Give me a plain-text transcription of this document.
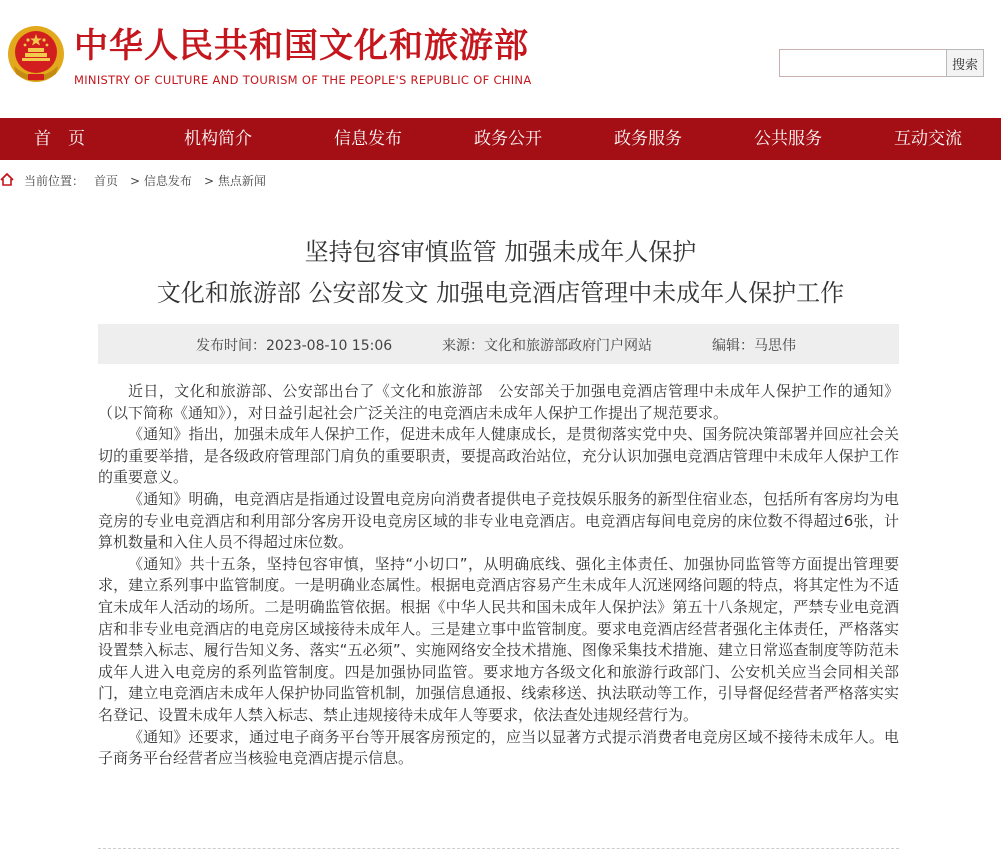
中华人民共和国文化和旅游部
MINISTRY OF CULTURE AND TOURISM OF THE PEOPLE'S REPUBLIC OF CHINA
搜索
首　页	机构简介	信息发布	政务公开	政务服务	公共服务	互动交流
当前位置： 首页 > 信息发布 > 焦点新闻
坚持包容审慎监管 加强未成年人保护
文化和旅游部 公安部发文 加强电竞酒店管理中未成年人保护工作
发布时间：2023-08-10 15:06	来源：文化和旅游部政府门户网站	编辑：马思伟

近日，文化和旅游部、公安部出台了《文化和旅游部　公安部关于加强电竞酒店管理中未成年人保护工作的通知》（以下简称《通知》），对日益引起社会广泛关注的电竞酒店未成年人保护工作提出了规范要求。

《通知》指出，加强未成年人保护工作，促进未成年人健康成长，是贯彻落实党中央、国务院决策部署并回应社会关切的重要举措，是各级政府管理部门肩负的重要职责，要提高政治站位，充分认识加强电竞酒店管理中未成年人保护工作的重要意义。

《通知》明确，电竞酒店是指通过设置电竞房向消费者提供电子竞技娱乐服务的新型住宿业态，包括所有客房均为电竞房的专业电竞酒店和利用部分客房开设电竞房区域的非专业电竞酒店。电竞酒店每间电竞房的床位数不得超过6张，计算机数量和入住人员不得超过床位数。

《通知》共十五条，坚持包容审慎，坚持“小切口”，从明确底线、强化主体责任、加强协同监管等方面提出管理要求，建立系列事中监管制度。一是明确业态属性。根据电竞酒店容易产生未成年人沉迷网络问题的特点，将其定性为不适宜未成年人活动的场所。二是明确监管依据。根据《中华人民共和国未成年人保护法》第五十八条规定，严禁专业电竞酒店和非专业电竞酒店的电竞房区域接待未成年人。三是建立事中监管制度。要求电竞酒店经营者强化主体责任，严格落实设置禁入标志、履行告知义务、落实“五必须”、实施网络安全技术措施、图像采集技术措施、建立日常巡查制度等防范未成年人进入电竞房的系列监管制度。四是加强协同监管。要求地方各级文化和旅游行政部门、公安机关应当会同相关部门，建立电竞酒店未成年人保护协同监管机制，加强信息通报、线索移送、执法联动等工作，引导督促经营者严格落实实名登记、设置未成年人禁入标志、禁止违规接待未成年人等要求，依法查处违规经营行为。

《通知》还要求，通过电子商务平台等开展客房预定的，应当以显著方式提示消费者电竞房区域不接待未成年人。电子商务平台经营者应当核验电竞酒店提示信息。
